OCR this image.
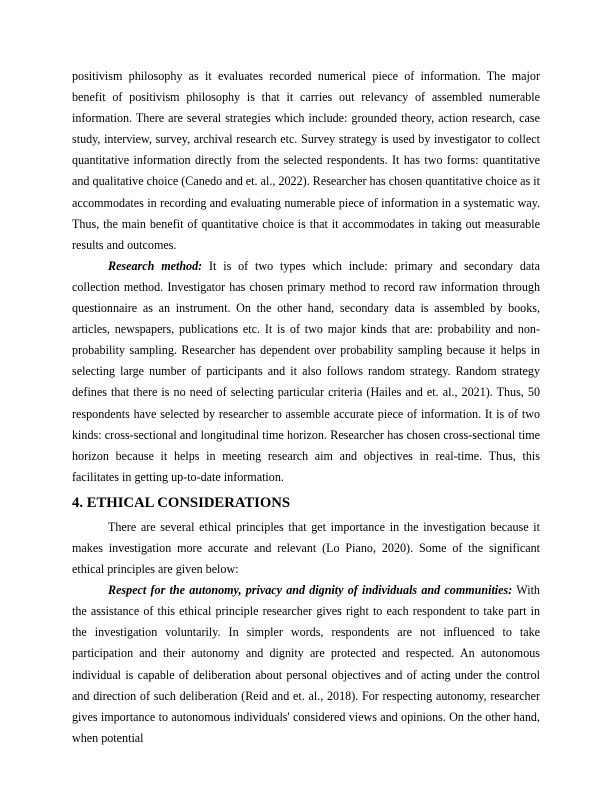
positivism philosophy as it evaluates recorded numerical piece of information. The major benefit of positivism philosophy is that it carries out relevancy of assembled numerable information. There are several strategies which include: grounded theory, action research, case study, interview, survey, archival research etc. Survey strategy is used by investigator to collect quantitative information directly from the selected respondents. It has two forms: quantitative and qualitative choice (Canedo and et. al., 2022). Researcher has chosen quantitative choice as it accommodates in recording and evaluating numerable piece of information in a systematic way. Thus, the main benefit of quantitative choice is that it accommodates in taking out measurable results and outcomes.

Research method: It is of two types which include: primary and secondary data collection method. Investigator has chosen primary method to record raw information through questionnaire as an instrument. On the other hand, secondary data is assembled by books, articles, newspapers, publications etc. It is of two major kinds that are: probability and non-probability sampling. Researcher has dependent over probability sampling because it helps in selecting large number of participants and it also follows random strategy. Random strategy defines that there is no need of selecting particular criteria (Hailes and et. al., 2021). Thus, 50 respondents have selected by researcher to assemble accurate piece of information. It is of two kinds: cross-sectional and longitudinal time horizon. Researcher has chosen cross-sectional time horizon because it helps in meeting research aim and objectives in real-time. Thus, this facilitates in getting up-to-date information.

4. ETHICAL CONSIDERATIONS

There are several ethical principles that get importance in the investigation because it makes investigation more accurate and relevant (Lo Piano, 2020). Some of the significant ethical principles are given below:

Respect for the autonomy, privacy and dignity of individuals and communities: With the assistance of this ethical principle researcher gives right to each respondent to take part in the investigation voluntarily. In simpler words, respondents are not influenced to take participation and their autonomy and dignity are protected and respected. An autonomous individual is capable of deliberation about personal objectives and of acting under the control and direction of such deliberation (Reid and et. al., 2018). For respecting autonomy, researcher gives importance to autonomous individuals' considered views and opinions. On the other hand, when potential
